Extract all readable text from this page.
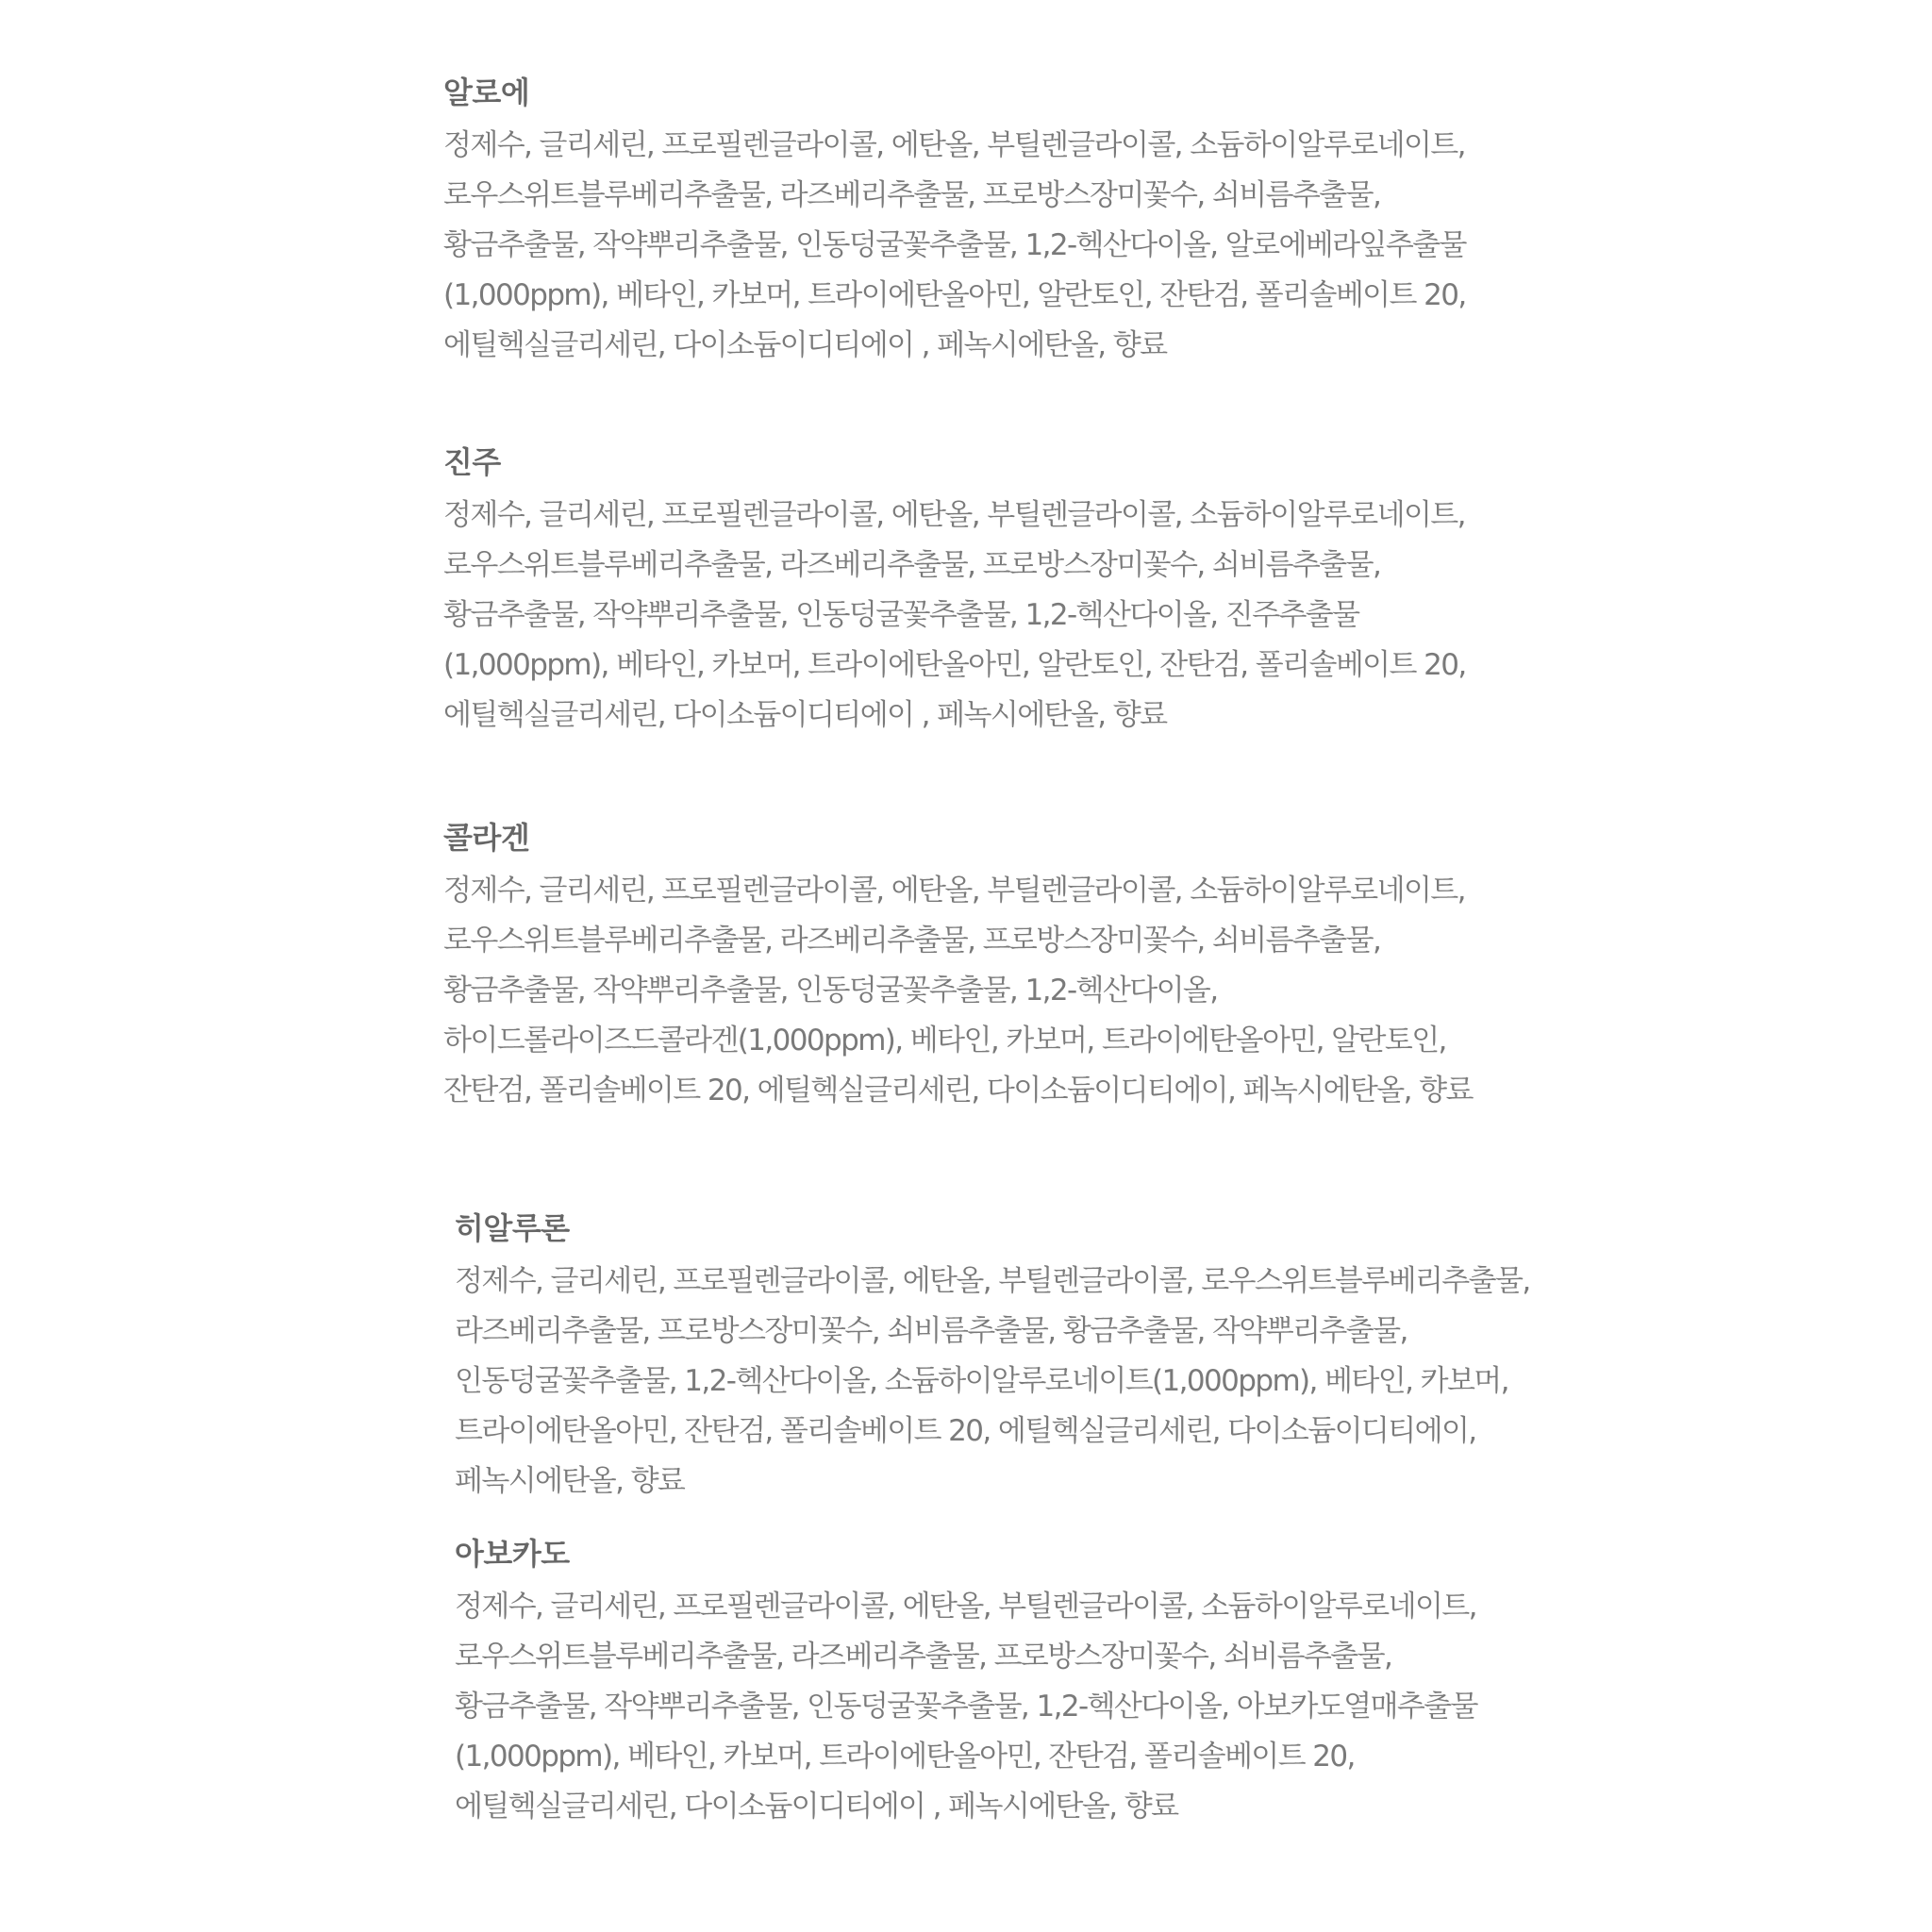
알로에
정제수, 글리세린, 프로필렌글라이콜, 에탄올, 부틸렌글라이콜, 소듐하이알루로네이트,
로우스위트블루베리추출물, 라즈베리추출물, 프로방스장미꽃수, 쇠비름추출물,
황금추출물, 작약뿌리추출물, 인동덩굴꽃추출물, 1,2-헥산다이올, 알로에베라잎추출물
(1,000ppm), 베타인, 카보머, 트라이에탄올아민, 알란토인, 잔탄검, 폴리솔베이트 20,
에틸헥실글리세린, 다이소듐이디티에이 , 페녹시에탄올, 향료
진주
정제수, 글리세린, 프로필렌글라이콜, 에탄올, 부틸렌글라이콜, 소듐하이알루로네이트,
로우스위트블루베리추출물, 라즈베리추출물, 프로방스장미꽃수, 쇠비름추출물,
황금추출물, 작약뿌리추출물, 인동덩굴꽃추출물, 1,2-헥산다이올, 진주추출물
(1,000ppm), 베타인, 카보머, 트라이에탄올아민, 알란토인, 잔탄검, 폴리솔베이트 20,
에틸헥실글리세린, 다이소듐이디티에이 , 페녹시에탄올, 향료
콜라겐
정제수, 글리세린, 프로필렌글라이콜, 에탄올, 부틸렌글라이콜, 소듐하이알루로네이트,
로우스위트블루베리추출물, 라즈베리추출물, 프로방스장미꽃수, 쇠비름추출물,
황금추출물, 작약뿌리추출물, 인동덩굴꽃추출물, 1,2-헥산다이올,
하이드롤라이즈드콜라겐(1,000ppm), 베타인, 카보머, 트라이에탄올아민, 알란토인,
잔탄검, 폴리솔베이트 20, 에틸헥실글리세린, 다이소듐이디티에이, 페녹시에탄올, 향료
히알루론
정제수, 글리세린, 프로필렌글라이콜, 에탄올, 부틸렌글라이콜, 로우스위트블루베리추출물,
라즈베리추출물, 프로방스장미꽃수, 쇠비름추출물, 황금추출물, 작약뿌리추출물,
인동덩굴꽃추출물, 1,2-헥산다이올, 소듐하이알루로네이트(1,000ppm), 베타인, 카보머,
트라이에탄올아민, 잔탄검, 폴리솔베이트 20, 에틸헥실글리세린, 다이소듐이디티에이,
페녹시에탄올, 향료
아보카도
정제수, 글리세린, 프로필렌글라이콜, 에탄올, 부틸렌글라이콜, 소듐하이알루로네이트,
로우스위트블루베리추출물, 라즈베리추출물, 프로방스장미꽃수, 쇠비름추출물,
황금추출물, 작약뿌리추출물, 인동덩굴꽃추출물, 1,2-헥산다이올, 아보카도열매추출물
(1,000ppm), 베타인, 카보머, 트라이에탄올아민, 잔탄검, 폴리솔베이트 20,
에틸헥실글리세린, 다이소듐이디티에이 , 페녹시에탄올, 향료
